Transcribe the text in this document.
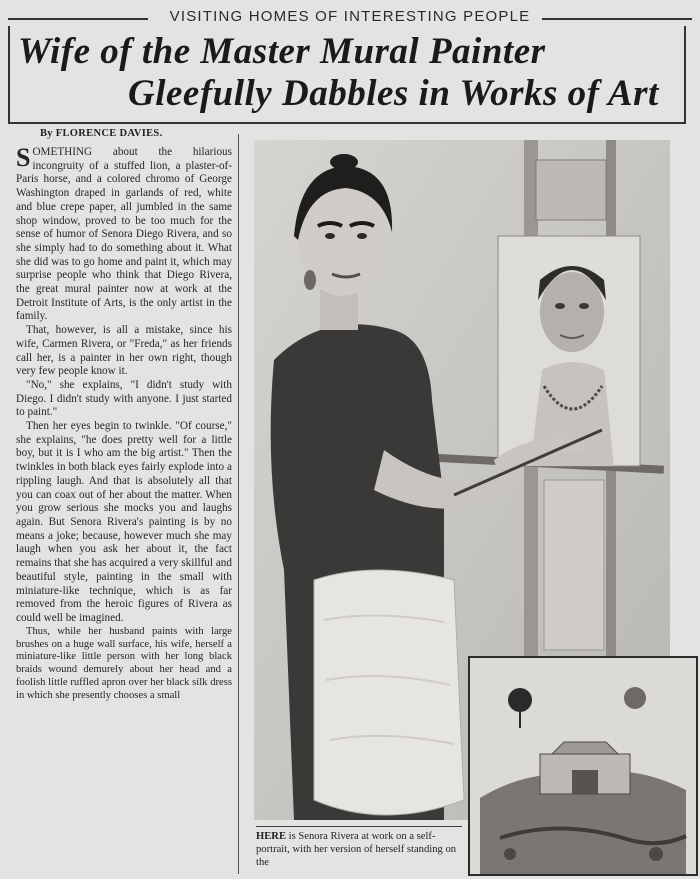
VISITING HOMES OF INTERESTING PEOPLE
Wife of the Master Mural Painter
Gleefully Dabbles in Works of Art
By FLORENCE DAVIES.

SOMETHING about the hilarious incongruity of a stuffed lion, a plaster-of-Paris horse, and a colored chromo of George Washington draped in garlands of red, white and blue crepe paper, all jumbled in the same shop window, proved to be too much for the sense of humor of Senora Diego Rivera, and so she simply had to do something about it. What she did was to go home and paint it, which may surprise people who think that Diego Rivera, the great mural painter now at work at the Detroit Institute of Arts, is the only artist in the family.

That, however, is all a mistake, since his wife, Carmen Rivera, or "Freda," as her friends call her, is a painter in her own right, though very few people know it.

"No," she explains, "I didn't study with Diego. I didn't study with anyone. I just started to paint."

Then her eyes begin to twinkle. "Of course," she explains, "he does pretty well for a little boy, but it is I who am the big artist." Then the twinkles in both black eyes fairly explode into a rippling laugh. And that is absolutely all that you can coax out of her about the matter. When you grow serious she mocks you and laughs again. But Senora Rivera's painting is by no means a joke; because, however much she may laugh when you ask her about it, the fact remains that she has acquired a very skillful and beautiful style, painting in the small with miniature-like technique, which is as far removed from the heroic figures of Rivera as could well be imagined.

Thus, while her husband paints with large brushes on a huge wall surface, his wife, herself a miniature-like little person with her long black braids wound demurely about her head and a foolish little ruffled apron over her black silk dress in which she presently chooses a small

HERE is Senora Rivera at work on a self-portrait, with her version of herself standing on the
